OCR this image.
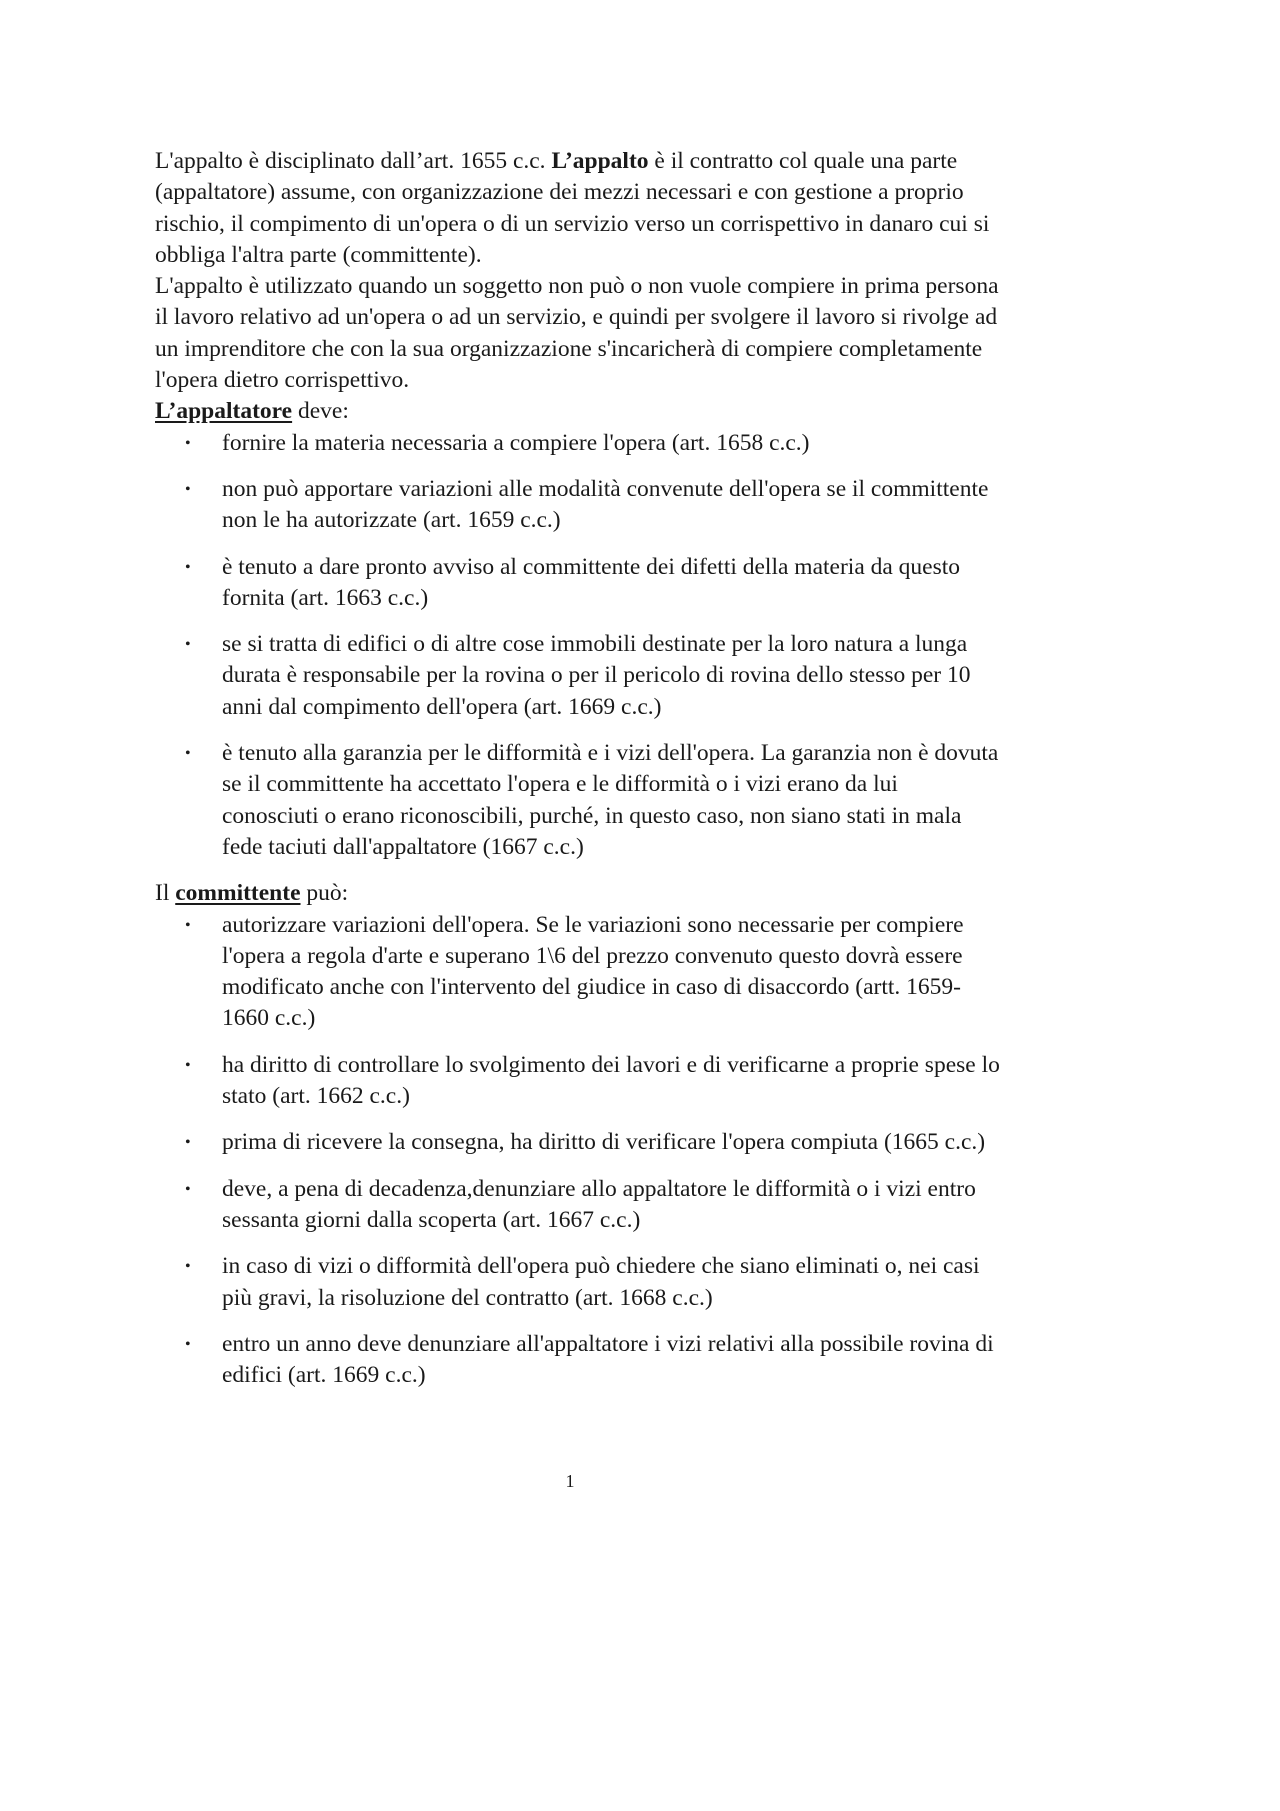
L'appalto è disciplinato dall’art. 1655 c.c. L’appalto è il contratto col quale una parte (appaltatore) assume, con organizzazione dei mezzi necessari e con gestione a proprio rischio, il compimento di un'opera o di un servizio verso un corrispettivo in danaro cui si obbliga l'altra parte (committente).

L'appalto è utilizzato quando un soggetto non può o non vuole compiere in prima persona il lavoro relativo ad un'opera o ad un servizio, e quindi per svolgere il lavoro si rivolge ad un imprenditore che con la sua organizzazione s'incaricherà di compiere completamente l'opera dietro corrispettivo.

L’appaltatore deve:

• fornire la materia necessaria a compiere l'opera (art. 1658 c.c.)
• non può apportare variazioni alle modalità convenute dell'opera se il committente non le ha autorizzate (art. 1659 c.c.)
• è tenuto a dare pronto avviso al committente dei difetti della materia da questo fornita (art. 1663 c.c.)
• se si tratta di edifici o di altre cose immobili destinate per la loro natura a lunga durata è responsabile per la rovina o per il pericolo di rovina dello stesso per 10 anni dal compimento dell'opera (art. 1669 c.c.)
• è tenuto alla garanzia per le difformità e i vizi dell'opera. La garanzia non è dovuta se il committente ha accettato l'opera e le difformità o i vizi erano da lui conosciuti o erano riconoscibili, purché, in questo caso, non siano stati in mala fede taciuti dall'appaltatore (1667 c.c.)

Il committente può:

• autorizzare variazioni dell'opera. Se le variazioni sono necessarie per compiere l'opera a regola d'arte e superano 1\6 del prezzo convenuto questo dovrà essere modificato anche con l'intervento del giudice in caso di disaccordo (artt. 1659-1660 c.c.)
• ha diritto di controllare lo svolgimento dei lavori e di verificarne a proprie spese lo stato (art. 1662 c.c.)
• prima di ricevere la consegna, ha diritto di verificare l'opera compiuta (1665 c.c.)
• deve, a pena di decadenza,denunziare allo appaltatore le difformità o i vizi entro sessanta giorni dalla scoperta (art. 1667 c.c.)
• in caso di vizi o difformità dell'opera può chiedere che siano eliminati o, nei casi più gravi, la risoluzione del contratto (art. 1668 c.c.)
• entro un anno deve denunziare all'appaltatore i vizi relativi alla possibile rovina di edifici (art. 1669 c.c.)
1
